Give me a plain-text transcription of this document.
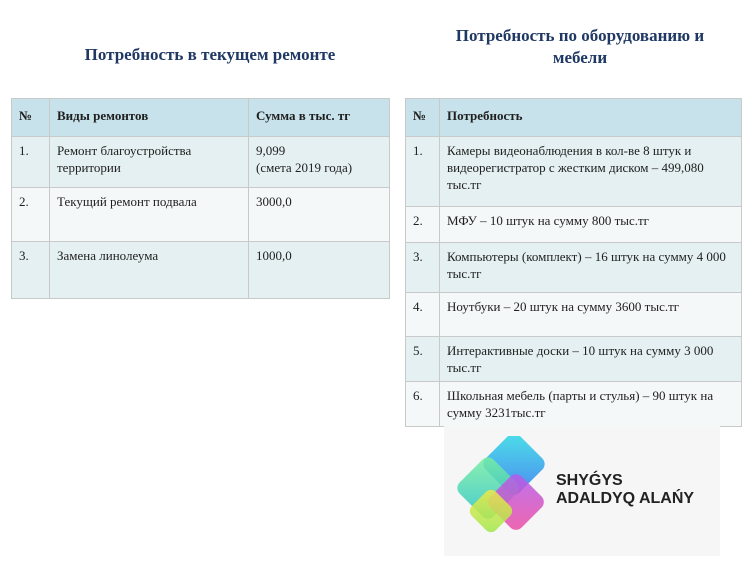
Потребность в текущем ремонте
Потребность по оборудованию и мебели
№	Виды ремонтов	Сумма в тыс. тг
1.	Ремонт благоустройства территории	9,099
(смета 2019 года)
2.	Текущий ремонт подвала	3000,0
3.	Замена линолеума	1000,0
№	Потребность
1.	Камеры видеонаблюдения в кол-ве 8 штук и видеорегистратор с жестким диском – 499,080 тыс.тг
2.	МФУ – 10 штук на сумму 800 тыс.тг
3.	Компьютеры (комплект) – 16 штук на сумму 4 000 тыс.тг
4.	Ноутбуки – 20 штук на сумму 3600 тыс.тг
5.	Интерактивные доски – 10 штук на сумму 3 000 тыс.тг
6.	Школьная мебель (парты и стулья) – 90 штук на сумму 3231тыс.тг
SHYǴYS
ADALDYQ ALAŃY
